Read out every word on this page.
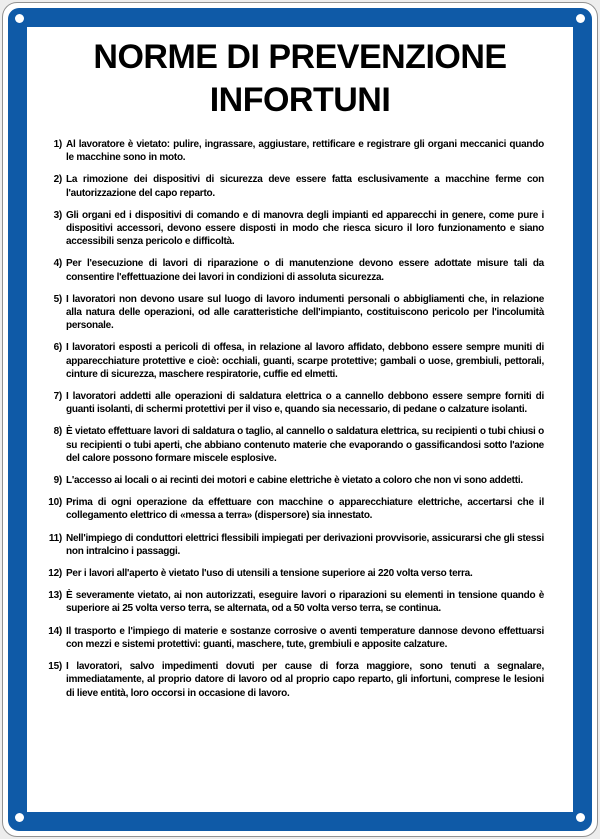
NORME DI PREVENZIONE
INFORTUNI
1) Al lavoratore è vietato: pulire, ingrassare, aggiustare, rettificare e registrare gli organi meccanici quando le macchine sono in moto.
2) La rimozione dei dispositivi di sicurezza deve essere fatta esclusivamente a macchine ferme con l'autorizzazione del capo reparto.
3) Gli organi ed i dispositivi di comando e di manovra degli impianti ed apparecchi in genere, come pure i dispositivi accessori, devono essere disposti in modo che riesca sicuro il loro funzionamento e siano accessibili senza pericolo e difficoltà.
4) Per l'esecuzione di lavori di riparazione o di manutenzione devono essere adottate misure tali da consentire l'effettuazione dei lavori in condizioni di assoluta sicurezza.
5) I lavoratori non devono usare sul luogo di lavoro indumenti personali o abbigliamenti che, in relazione alla natura delle operazioni, od alle caratteristiche dell'impianto, costituiscono pericolo per l'incolumità personale.
6) I lavoratori esposti a pericoli di offesa, in relazione al lavoro affidato, debbono essere sempre muniti di apparecchiature protettive e cioè: occhiali, guanti, scarpe protettive; gambali o uose, grembiuli, pettorali, cinture di sicurezza, maschere respiratorie, cuffie ed elmetti.
7) I lavoratori addetti alle operazioni di saldatura elettrica o a cannello debbono essere sempre forniti di guanti isolanti, di schermi protettivi per il viso e, quando sia necessario, di pedane o calzature isolanti.
8) È vietato effettuare lavori di saldatura o taglio, al cannello o saldatura elettrica, su recipienti o tubi chiusi o su recipienti o tubi aperti, che abbiano contenuto materie che evaporando o gassificandosi sotto l'azione del calore possono formare miscele esplosive.
9) L'accesso ai locali o ai recinti dei motori e cabine elettriche è vietato a coloro che non vi sono addetti.
10) Prima di ogni operazione da effettuare con macchine o apparecchiature elettriche, accertarsi che il collegamento elettrico di «messa a terra» (dispersore) sia innestato.
11) Nell'impiego di conduttori elettrici flessibili impiegati per derivazioni provvisorie, assicurarsi che gli stessi non intralcino i passaggi.
12) Per i lavori all'aperto è vietato l'uso di utensili a tensione superiore ai 220 volta verso terra.
13) È severamente vietato, ai non autorizzati, eseguire lavori o riparazioni su elementi in tensione quando è superiore ai 25 volta verso terra, se alternata, od a 50 volta verso terra, se continua.
14) Il trasporto e l'impiego di materie e sostanze corrosive o aventi temperature dannose devono effettuarsi con mezzi e sistemi protettivi: guanti, maschere, tute, grembiuli e apposite calzature.
15) I lavoratori, salvo impedimenti dovuti per cause di forza maggiore, sono tenuti a segnalare, immediatamente, al proprio datore di lavoro od al proprio capo reparto, gli infortuni, comprese le lesioni di lieve entità, loro occorsi in occasione di lavoro.
